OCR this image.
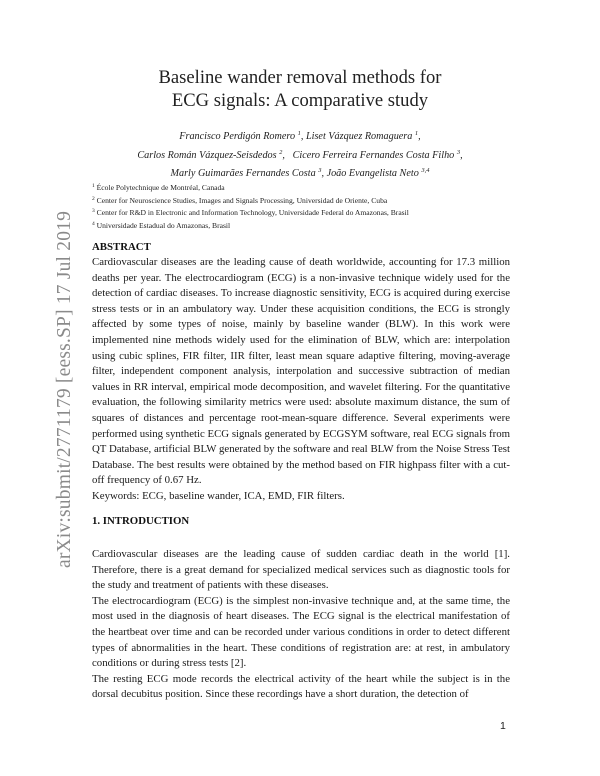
arXiv:submit/2771179 [eess.SP] 17 Jul 2019
Baseline wander removal methods for
ECG signals: A comparative study
Francisco Perdigón Romero $^1$, Liset Vázquez Romaguera $^1$,
Carlos Román Vázquez-Seisdedos $^2$,   Cicero Ferreira Fernandes Costa Filho $^3$,
Marly Guimarães Fernandes Costa $^3$, João Evangelista Neto $^{3,4}$
$^1$ École Polytechnique de Montréal, Canada
$^2$ Center for Neuroscience Studies, Images and Signals Processing, Universidad de Oriente, Cuba
$^3$ Center for R&D in Electronic and Information Technology, Universidade Federal do Amazonas, Brasil
$^4$ Universidade Estadual do Amazonas, Brasil
ABSTRACT
Cardiovascular diseases are the leading cause of death worldwide, accounting for 17.3 million deaths per year. The electrocardiogram (ECG) is a non-invasive technique widely used for the detection of cardiac diseases. To increase diagnostic sensitivity, ECG is acquired during exercise stress tests or in an ambulatory way. Under these acquisition conditions, the ECG is strongly affected by some types of noise, mainly by baseline wander (BLW). In this work were implemented nine methods widely used for the elimination of BLW, which are: interpolation using cubic splines, FIR filter, IIR filter, least mean square adaptive filtering, moving-average filter, independent component analysis, interpolation and successive subtraction of median values in RR interval, empirical mode decomposition, and wavelet filtering. For the quantitative evaluation, the following similarity metrics were used: absolute maximum distance, the sum of squares of distances and percentage root-mean-square difference. Several experiments were performed using synthetic ECG signals generated by ECGSYM software, real ECG signals from QT Database, artificial BLW generated by the software and real BLW from the Noise Stress Test Database. The best results were obtained by the method based on FIR highpass filter with a cut-off frequency of 0.67 Hz.
Keywords: ECG, baseline wander, ICA, EMD, FIR filters.
1. INTRODUCTION
Cardiovascular diseases are the leading cause of sudden cardiac death in the world [1]. Therefore, there is a great demand for specialized medical services such as diagnostic tools for the study and treatment of patients with these diseases.
The electrocardiogram (ECG) is the simplest non-invasive technique and, at the same time, the most used in the diagnosis of heart diseases. The ECG signal is the electrical manifestation of the heartbeat over time and can be recorded under various conditions in order to detect different types of abnormalities in the heart. These conditions of registration are: at rest, in ambulatory conditions or during stress tests [2].
The resting ECG mode records the electrical activity of the heart while the subject is in the dorsal decubitus position. Since these recordings have a short duration, the detection of
1
